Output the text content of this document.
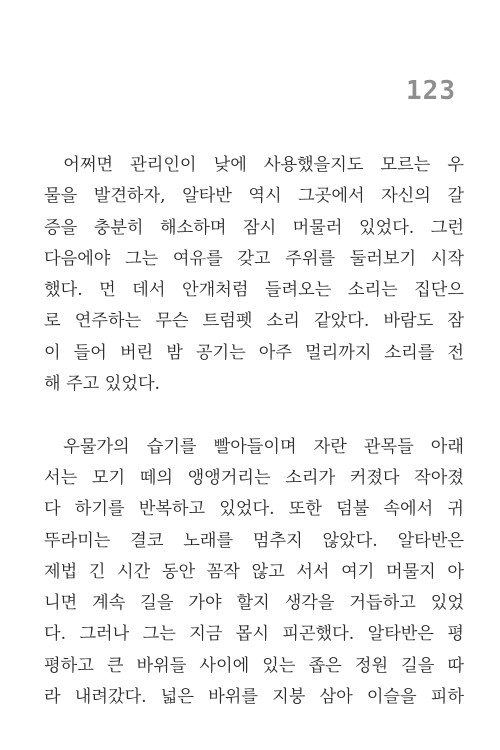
123

어쩌면 관리인이 낮에 사용했을지도 모르는 우
물을 발견하자, 알타반 역시 그곳에서 자신의 갈
증을 충분히 해소하며 잠시 머물러 있었다. 그런
다음에야 그는 여유를 갖고 주위를 둘러보기 시작
했다. 먼 데서 안개처럼 들려오는 소리는 집단으
로 연주하는 무슨 트럼펫 소리 같았다. 바람도 잠
이 들어 버린 밤 공기는 아주 멀리까지 소리를 전
해 주고 있었다.

우물가의 습기를 빨아들이며 자란 관목들 아래
서는 모기 떼의 앵앵거리는 소리가 커졌다 작아졌
다 하기를 반복하고 있었다. 또한 덤불 속에서 귀
뚜라미는 결코 노래를 멈추지 않았다. 알타반은
제법 긴 시간 동안 꼼작 않고 서서 여기 머물지 아
니면 계속 길을 가야 할지 생각을 거듭하고 있었
다. 그러나 그는 지금 몹시 피곤했다. 알타반은 평
평하고 큰 바위들 사이에 있는 좁은 정원 길을 따
라 내려갔다. 넓은 바위를 지붕 삼아 이슬을 피하
